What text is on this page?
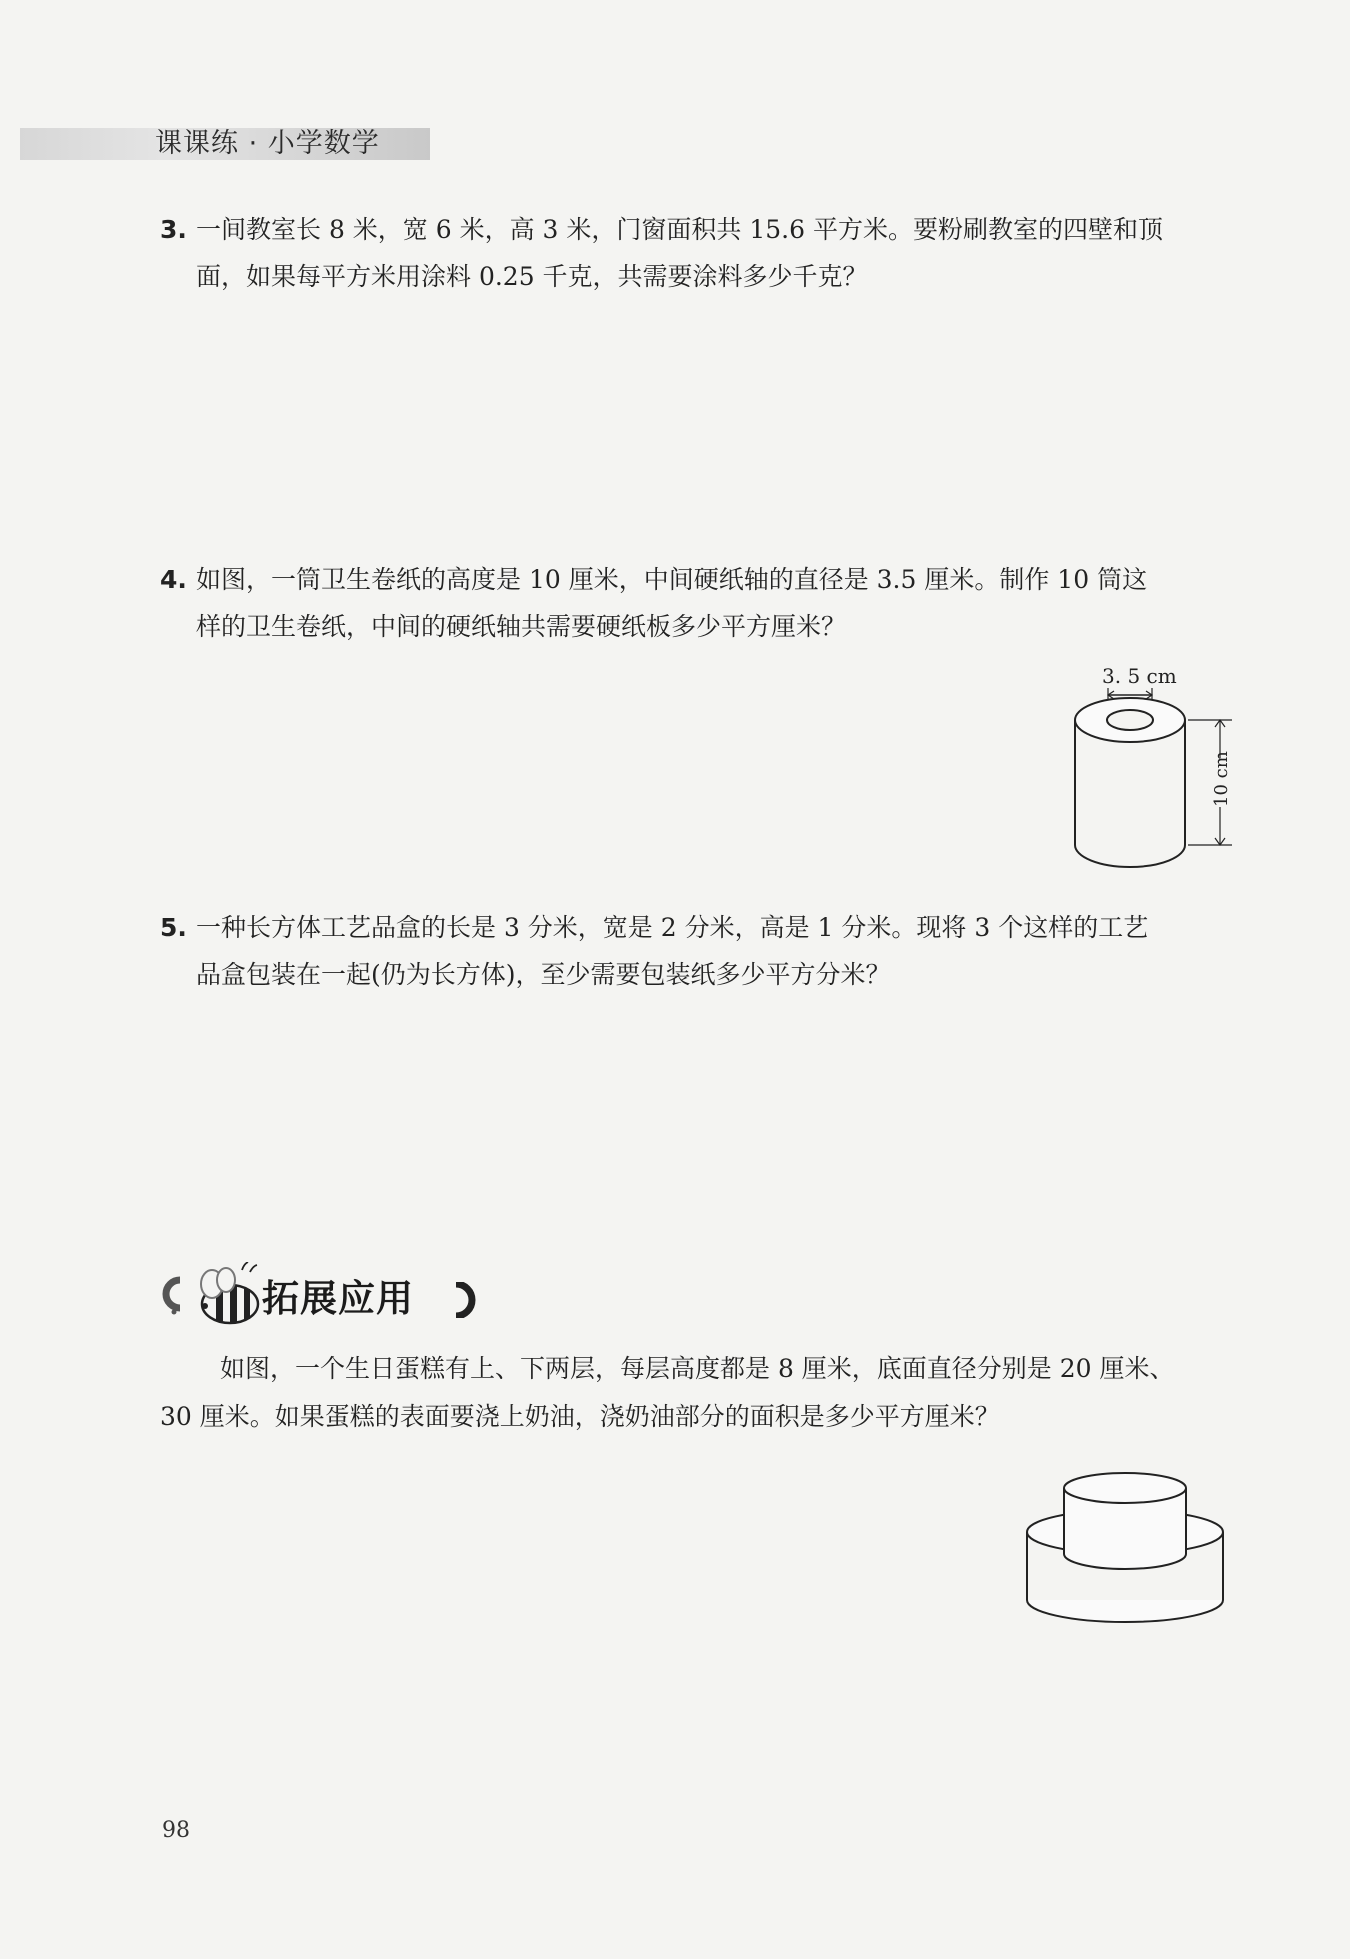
课课练 · 小学数学
3. 一间教室长 8 米，宽 6 米，高 3 米，门窗面积共 15.6 平方米。要粉刷教室的四壁和顶
面，如果每平方米用涂料 0.25 千克，共需要涂料多少千克？
4. 如图，一筒卫生卷纸的高度是 10 厘米，中间硬纸轴的直径是 3.5 厘米。制作 10 筒这
样的卫生卷纸，中间的硬纸轴共需要硬纸板多少平方厘米？
3. 5 cm
10 cm
5. 一种长方体工艺品盒的长是 3 分米，宽是 2 分米，高是 1 分米。现将 3 个这样的工艺
品盒包装在一起(仍为长方体)，至少需要包装纸多少平方分米？
拓展应用
如图，一个生日蛋糕有上、下两层，每层高度都是 8 厘米，底面直径分别是 20 厘米、
30 厘米。如果蛋糕的表面要浇上奶油，浇奶油部分的面积是多少平方厘米？
98
